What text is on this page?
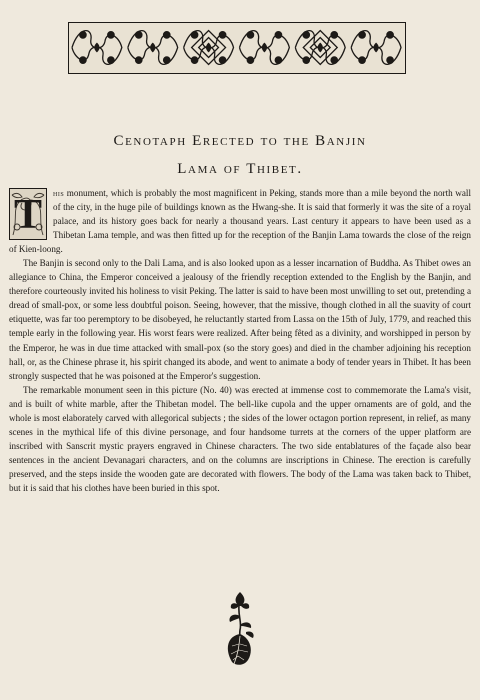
Cenotaph Erected to the Banjin
Lama of Thibet.

T	his monument, which is probably the most magnificent in Peking, stands more than a mile beyond the north wall of the city, in the huge pile of buildings known as the Hwang-she. It is said that formerly it was the site of a royal palace, and its history goes back for nearly a thousand years. Last century it appears to have been used as a Thibetan Lama temple, and was then fitted up for the reception of the Banjin Lama towards the close of the reign of Kien-loong.

The Banjin is second only to the Dali Lama, and is also looked upon as a lesser incarnation of Buddha. As Thibet owes an allegiance to China, the Emperor conceived a jealousy of the friendly reception extended to the English by the Banjin, and therefore courteously invited his holiness to visit Peking. The latter is said to have been most unwilling to set out, pretending a dread of small-pox, or some less doubtful poison. Seeing, however, that the missive, though clothed in all the suavity of court etiquette, was far too peremptory to be disobeyed, he reluctantly started from Lassa on the 15th of July, 1779, and reached this temple early in the following year. His worst fears were realized. After being fêted as a divinity, and worshipped in person by the Emperor, he was in due time attacked with small-pox (so the story goes) and died in the chamber adjoining his reception hall, or, as the Chinese phrase it, his spirit changed its abode, and went to animate a body of tender years in Thibet. It has been strongly suspected that he was poisoned at the Emperor's suggestion.

The remarkable monument seen in this picture (No. 40) was erected at immense cost to commemorate the Lama's visit, and is built of white marble, after the Thibetan model. The bell-like cupola and the upper ornaments are of gold, and the whole is most elaborately carved with allegorical subjects ; the sides of the lower octagon portion represent, in relief, as many scenes in the mythical life of this divine personage, and four handsome turrets at the corners of the upper platform are inscribed with Sanscrit mystic prayers engraved in Chinese characters. The two side entablatures of the façade also bear sentences in the ancient Devanagari characters, and on the columns are inscriptions in Chinese. The erection is carefully preserved, and the steps inside the wooden gate are decorated with flowers. The body of the Lama was taken back to Thibet, but it is said that his clothes have been buried in this spot.
